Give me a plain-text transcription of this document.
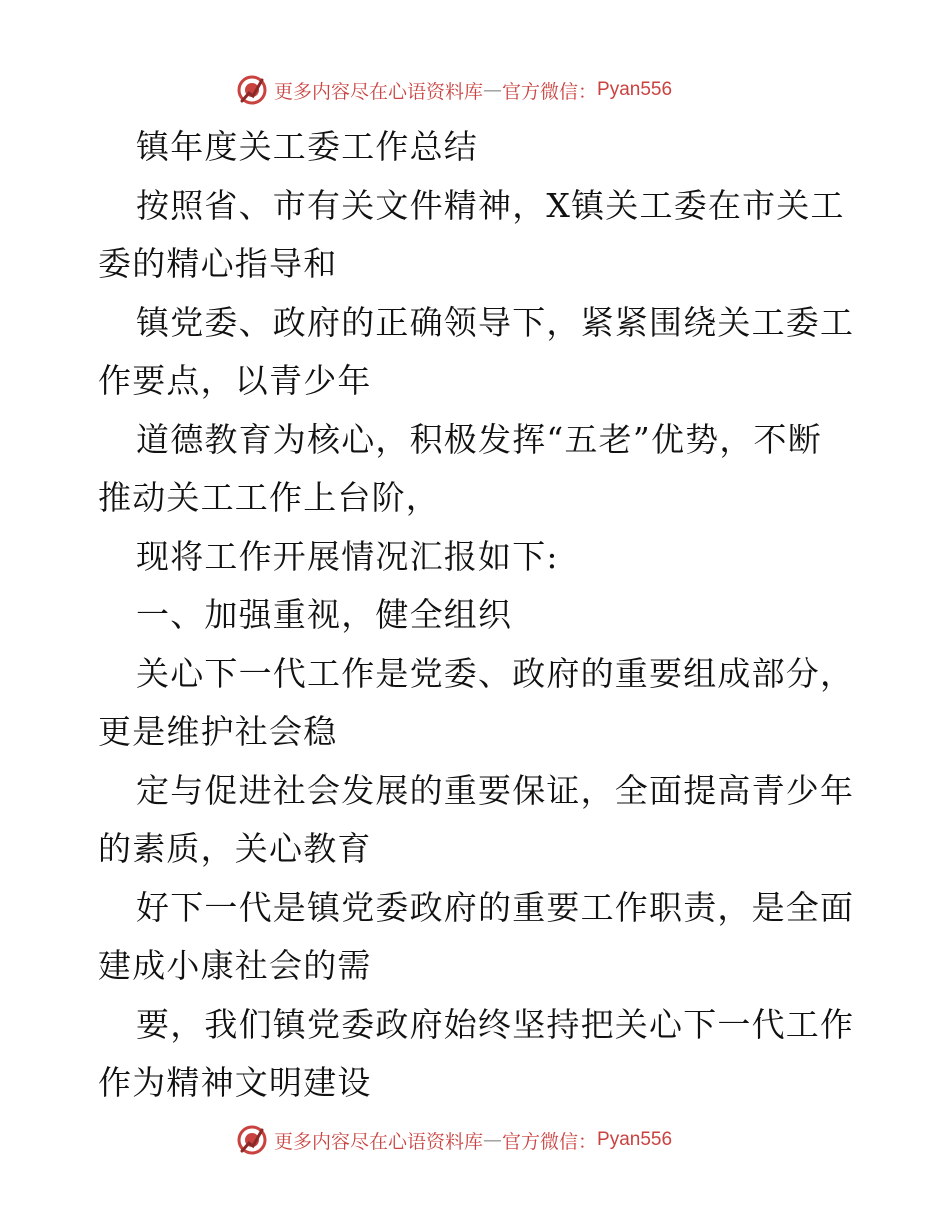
更多内容尽在心语资料库 — 官方微信： Pyan556
镇年度关工委工作总结
按照省、市有关文件精神，X镇关工委在市关工
委的精心指导和
镇党委、政府的正确领导下，紧紧围绕关工委工
作要点，以青少年
道德教育为核心，积极发挥“五老”优势，不断
推动关工工作上台阶，
现将工作开展情况汇报如下:
一、加强重视，健全组织
关心下一代工作是党委、政府的重要组成部分，
更是维护社会稳
定与促进社会发展的重要保证，全面提高青少年
的素质，关心教育
好下一代是镇党委政府的重要工作职责，是全面
建成小康社会的需
要，我们镇党委政府始终坚持把关心下一代工作
作为精神文明建设
更多内容尽在心语资料库 — 官方微信： Pyan556
